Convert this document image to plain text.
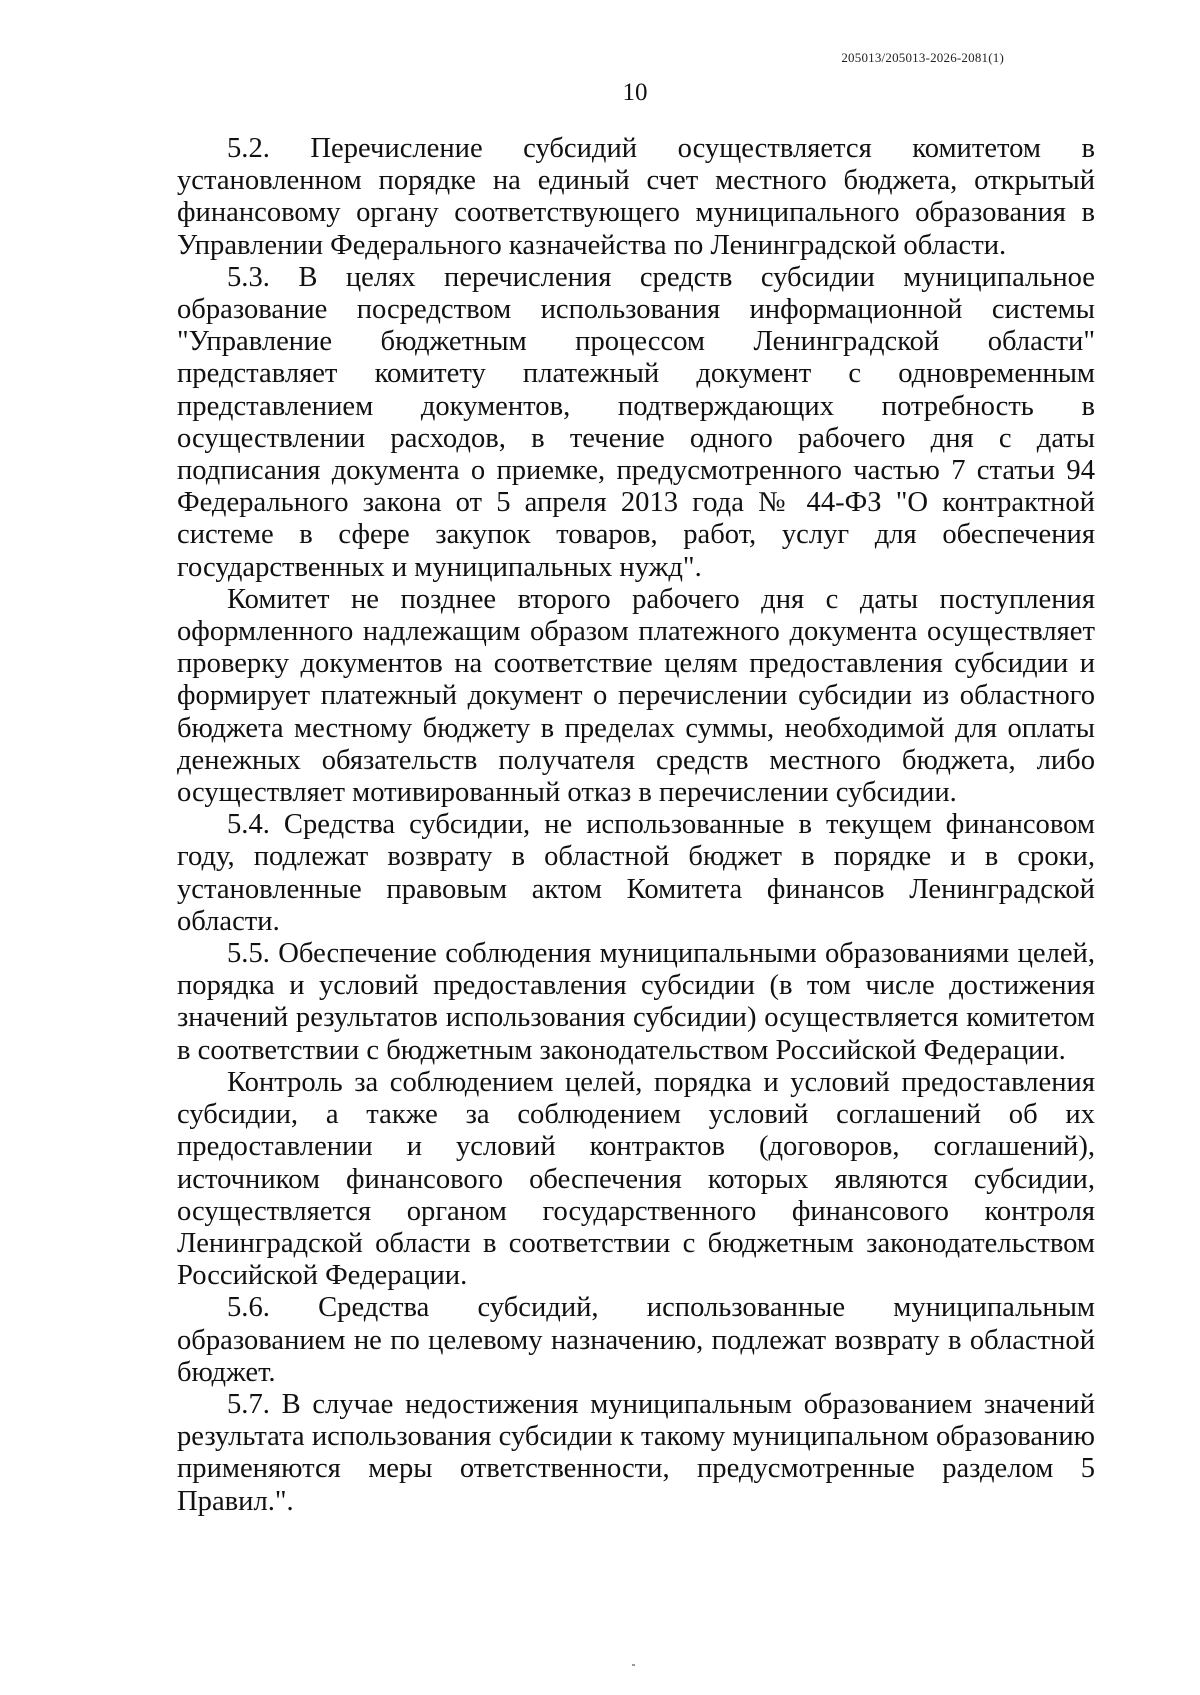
205013/205013-2026-2081(1)
10

5.2. Перечисление субсидий осуществляется комитетом в установленном порядке на единый счет местного бюджета, открытый финансовому органу соответствующего муниципального образования в Управлении Федерального казначейства по Ленинградской области.

5.3. В целях перечисления средств субсидии муниципальное образование посредством использования информационной системы "Управление бюджетным процессом Ленинградской области" представляет комитету платежный документ с одновременным представлением документов, подтверждающих потребность в осуществлении расходов, в течение одного рабочего дня с даты подписания документа о приемке, предусмотренного частью 7 статьи 94 Федерального закона от 5 апреля 2013 года № 44-ФЗ "О контрактной системе в сфере закупок товаров, работ, услуг для обеспечения государственных и муниципальных нужд".

Комитет не позднее второго рабочего дня с даты поступления оформленного надлежащим образом платежного документа осуществляет проверку документов на соответствие целям предоставления субсидии и формирует платежный документ о перечислении субсидии из областного бюджета местному бюджету в пределах суммы, необходимой для оплаты денежных обязательств получателя средств местного бюджета, либо осуществляет мотивированный отказ в перечислении субсидии.

5.4. Средства субсидии, не использованные в текущем финансовом году, подлежат возврату в областной бюджет в порядке и в сроки, установленные правовым актом Комитета финансов Ленинградской области.

5.5. Обеспечение соблюдения муниципальными образованиями целей, порядка и условий предоставления субсидии (в том числе достижения значений результатов использования субсидии) осуществляется комитетом в соответствии с бюджетным законодательством Российской Федерации.

Контроль за соблюдением целей, порядка и условий предоставления субсидии, а также за соблюдением условий соглашений об их предоставлении и условий контрактов (договоров, соглашений), источником финансового обеспечения которых являются субсидии, осуществляется органом государственного финансового контроля Ленинградской области в соответствии с бюджетным законодательством Российской Федерации.

5.6. Средства субсидий, использованные муниципальным образованием не по целевому назначению, подлежат возврату в областной бюджет.

5.7. В случае недостижения муниципальным образованием значений результата использования субсидии к такому муниципальном образованию применяются меры ответственности, предусмотренные разделом 5 Правил.".
